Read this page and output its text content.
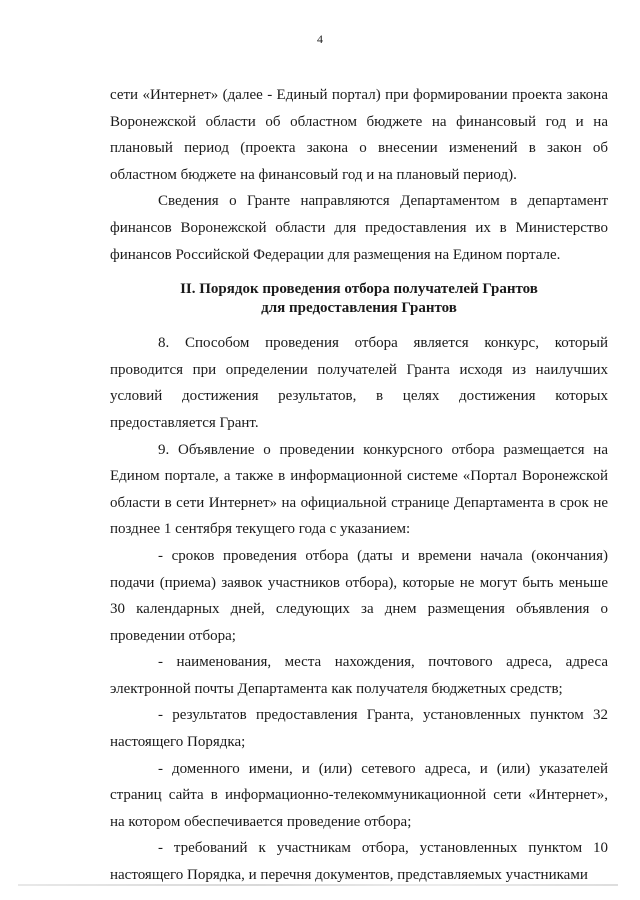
4

сети «Интернет» (далее - Единый портал) при формировании проекта закона Воронежской области об областном бюджете на финансовый год и на плановый период (проекта закона о внесении изменений в закон об областном бюджете на финансовый год и на плановый период).

Сведения о Гранте направляются Департаментом в департамент финансов Воронежской области для предоставления их в Министерство финансов Российской Федерации для размещения на Едином портале.

II. Порядок проведения отбора получателей Грантов
для предоставления Грантов

8. Способом проведения отбора является конкурс, который проводится при определении получателей Гранта исходя из наилучших условий достижения результатов, в целях достижения которых предоставляется Грант.

9. Объявление о проведении конкурсного отбора размещается на Едином портале, а также в информационной системе «Портал Воронежской области в сети Интернет» на официальной странице Департамента в срок не позднее 1 сентября текущего года с указанием:

- сроков проведения отбора (даты и времени начала (окончания) подачи (приема) заявок участников отбора), которые не могут быть меньше 30 календарных дней, следующих за днем размещения объявления о проведении отбора;

- наименования, места нахождения, почтового адреса, адреса электронной почты Департамента как получателя бюджетных средств;

- результатов предоставления Гранта, установленных пунктом 32 настоящего Порядка;

- доменного имени, и (или) сетевого адреса, и (или) указателей страниц сайта в информационно-телекоммуникационной сети «Интернет», на котором обеспечивается проведение отбора;

- требований к участникам отбора, установленных пунктом 10 настоящего Порядка, и перечня документов, представляемых участниками
